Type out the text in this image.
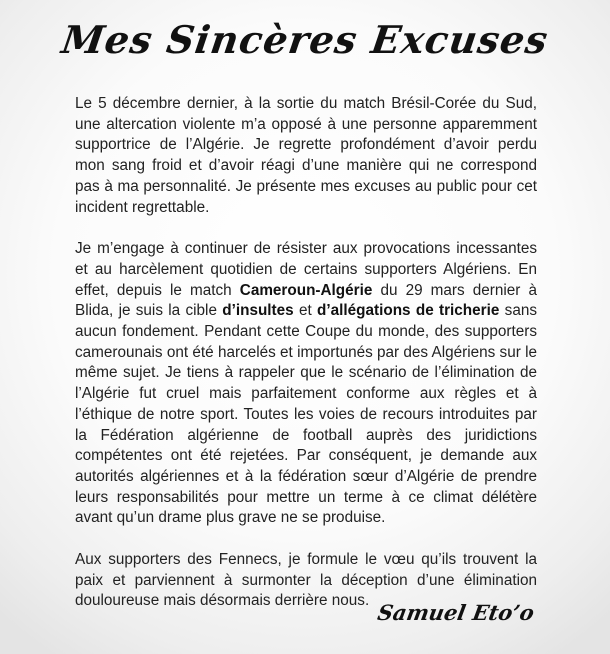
Mes Sincères Excuses

Le 5 décembre dernier, à la sortie du match Brésil-Corée du Sud, une altercation violente m’a opposé à une personne apparemment supportrice de l’Algérie. Je regrette profondément d’avoir perdu mon sang froid et d’avoir réagi d’une manière qui ne correspond pas à ma personnalité. Je présente mes excuses au public pour cet incident regrettable.

Je m’engage à continuer de résister aux provocations incessantes et au harcèlement quotidien de certains supporters Algériens. En effet, depuis le match Cameroun-Algérie du 29 mars dernier à Blida, je suis la cible d’insultes et d’allégations de tricherie sans aucun fondement. Pendant cette Coupe du monde, des supporters camerounais ont été harcelés et importunés par des Algériens sur le même sujet. Je tiens à rappeler que le scénario de l’élimination de l’Algérie fut cruel mais parfaitement conforme aux règles et à l’éthique de notre sport. Toutes les voies de recours introduites par la Fédération algérienne de football auprès des juridictions compétentes ont été rejetées. Par conséquent, je demande aux autorités algériennes et à la fédération sœur d’Algérie de prendre leurs responsabilités pour mettre un terme à ce climat délétère avant qu’un drame plus grave ne se produise.

Aux supporters des Fennecs, je formule le vœu qu’ils trouvent la paix et parviennent à surmonter la déception d’une élimination douloureuse mais désormais derrière nous. Samuel Eto’o
